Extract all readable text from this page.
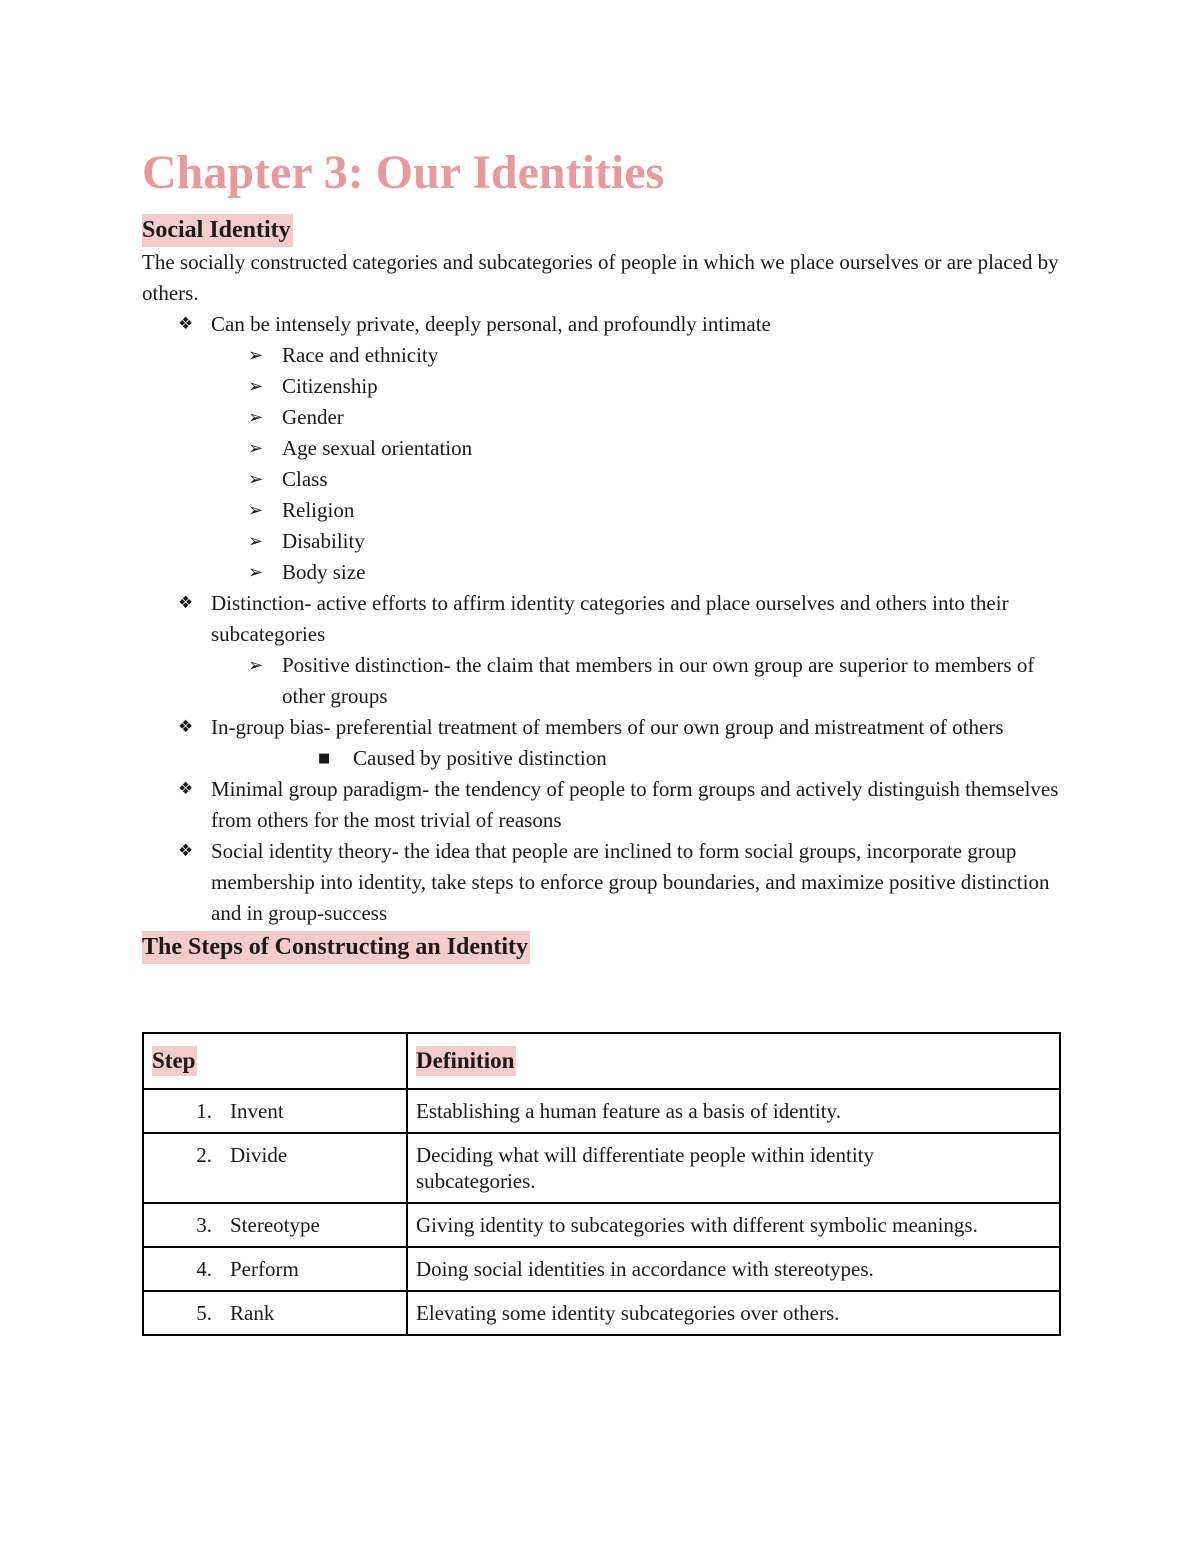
Chapter 3: Our Identities
Social Identity

The socially constructed categories and subcategories of people in which we place ourselves or are placed by others.

❖ Can be intensely private, deeply personal, and profoundly intimate
➢ Race and ethnicity
➢ Citizenship
➢ Gender
➢ Age sexual orientation
➢ Class
➢ Religion
➢ Disability
➢ Body size
❖ Distinction- active efforts to affirm identity categories and place ourselves and others into their subcategories
➢ Positive distinction- the claim that members in our own group are superior to members of other groups
❖ In-group bias- preferential treatment of members of our own group and mistreatment of others
■ Caused by positive distinction
❖ Minimal group paradigm- the tendency of people to form groups and actively distinguish themselves from others for the most trivial of reasons
❖ Social identity theory- the idea that people are inclined to form social groups, incorporate group membership into identity, take steps to enforce group boundaries, and maximize positive distinction and in group-success
The Steps of Constructing an Identity
Step	Definition
1. Invent	Establishing a human feature as a basis of identity.
2. Divide	Deciding what will differentiate people within identity subcategories.
3. Stereotype	Giving identity to subcategories with different symbolic meanings.
4. Perform	Doing social identities in accordance with stereotypes.
5. Rank	Elevating some identity subcategories over others.
